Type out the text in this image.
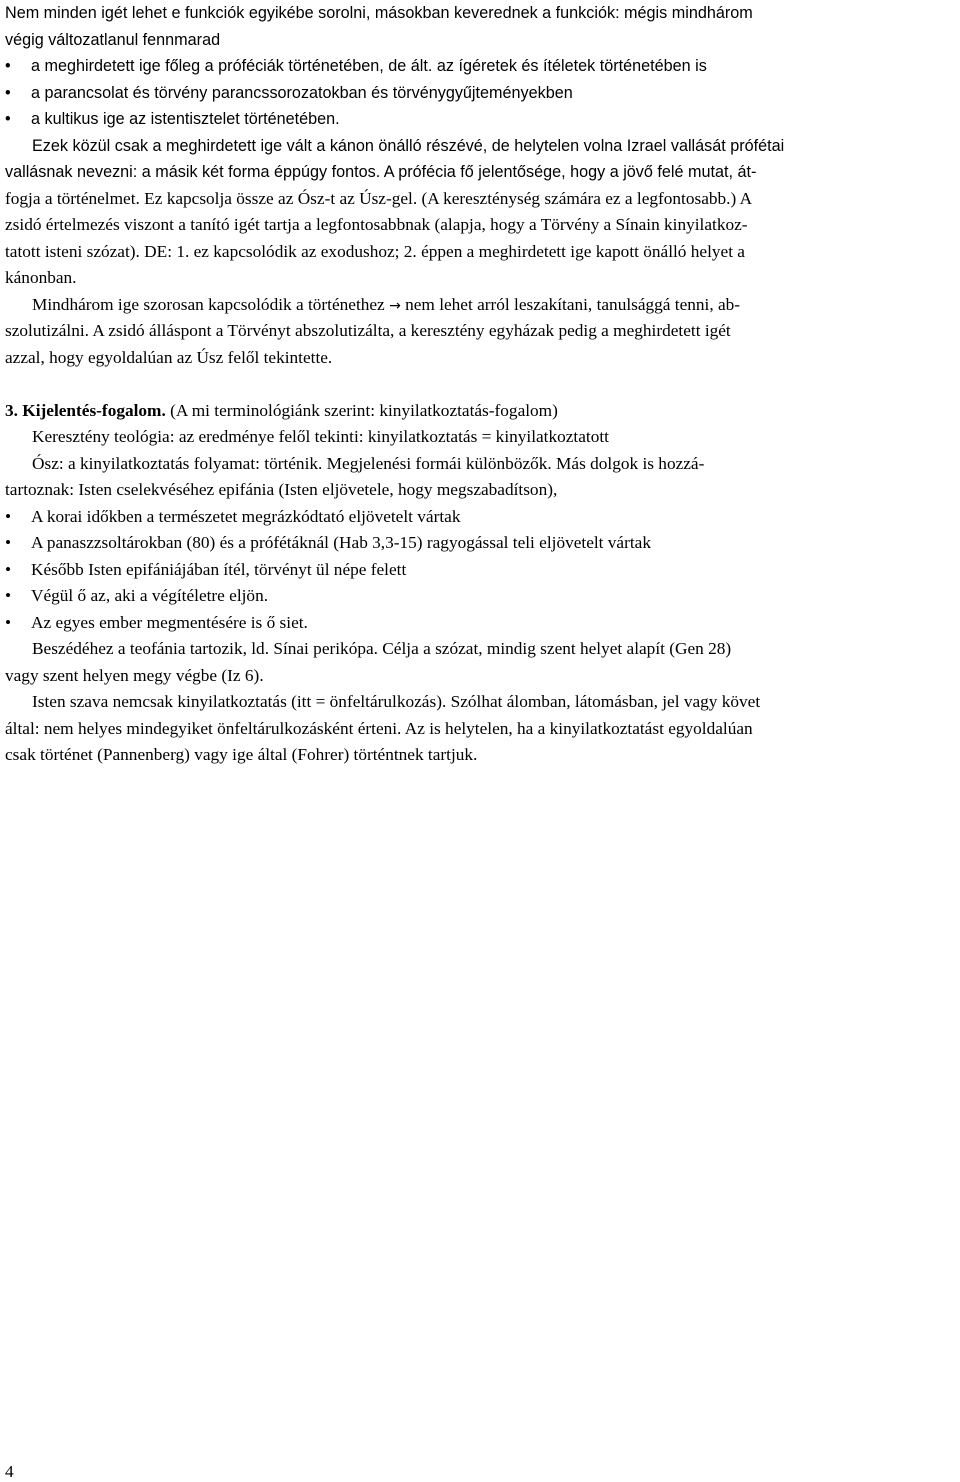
Nem minden igét lehet e funkciók egyikébe sorolni, másokban keverednek a funkciók: mégis mindhárom
végig változatlanul fennmarad
•	a meghirdetett ige főleg a próféciák történetében, de ált. az ígéretek és ítéletek történetében is
•	a parancsolat és törvény parancssorozatokban és törvénygyűjteményekben
•	a kultikus ige az istentisztelet történetében.
Ezek közül csak a meghirdetett ige vált a kánon önálló részévé, de helytelen volna Izrael vallását prófétai
vallásnak nevezni: a másik két forma éppúgy fontos. A prófécia fő jelentősége, hogy a jövő felé mutat, át-
fogja a történelmet. Ez kapcsolja össze az Ósz-t az Úsz-gel. (A kereszténység számára ez a legfontosabb.) A
zsidó értelmezés viszont a tanító igét tartja a legfontosabbnak (alapja, hogy a Törvény a Sínain kinyilatkoz-
tatott isteni szózat). DE: 1. ez kapcsolódik az exodushoz; 2. éppen a meghirdetett ige kapott önálló helyet a
kánonban.
Mindhárom ige szorosan kapcsolódik a történethez → nem lehet arról leszakítani, tanulsággá tenni, ab-
szolutizálni. A zsidó álláspont a Törvényt abszolutizálta, a keresztény egyházak pedig a meghirdetett igét
azzal, hogy egyoldalúan az Úsz felől tekintette.
3. Kijelentés-fogalom. (A mi terminológiánk szerint: kinyilatkoztatás-fogalom)
Keresztény teológia: az eredménye felől tekinti: kinyilatkoztatás = kinyilatkoztatott
Ósz: a kinyilatkoztatás folyamat: történik. Megjelenési formái különbözők. Más dolgok is hozzá-
tartoznak: Isten cselekvéséhez epifánia (Isten eljövetele, hogy megszabadítson),
•	A korai időkben a természetet megrázkódtató eljövetelt vártak
•	A panaszzsoltárokban (80) és a prófétáknál (Hab 3,3-15) ragyogással teli eljövetelt vártak
•	Később Isten epifániájában ítél, törvényt ül népe felett
•	Végül ő az, aki a végítéletre eljön.
•	Az egyes ember megmentésére is ő siet.
Beszédéhez a teofánia tartozik, ld. Sínai perikópa. Célja a szózat, mindig szent helyet alapít (Gen 28)
vagy szent helyen megy végbe (Iz 6).
Isten szava nemcsak kinyilatkoztatás (itt = önfeltárulkozás). Szólhat álomban, látomásban, jel vagy követ
által: nem helyes mindegyiket önfeltárulkozásként érteni. Az is helytelen, ha a kinyilatkoztatást egyoldalúan
csak történet (Pannenberg) vagy ige által (Fohrer) történtnek tartjuk.
4
